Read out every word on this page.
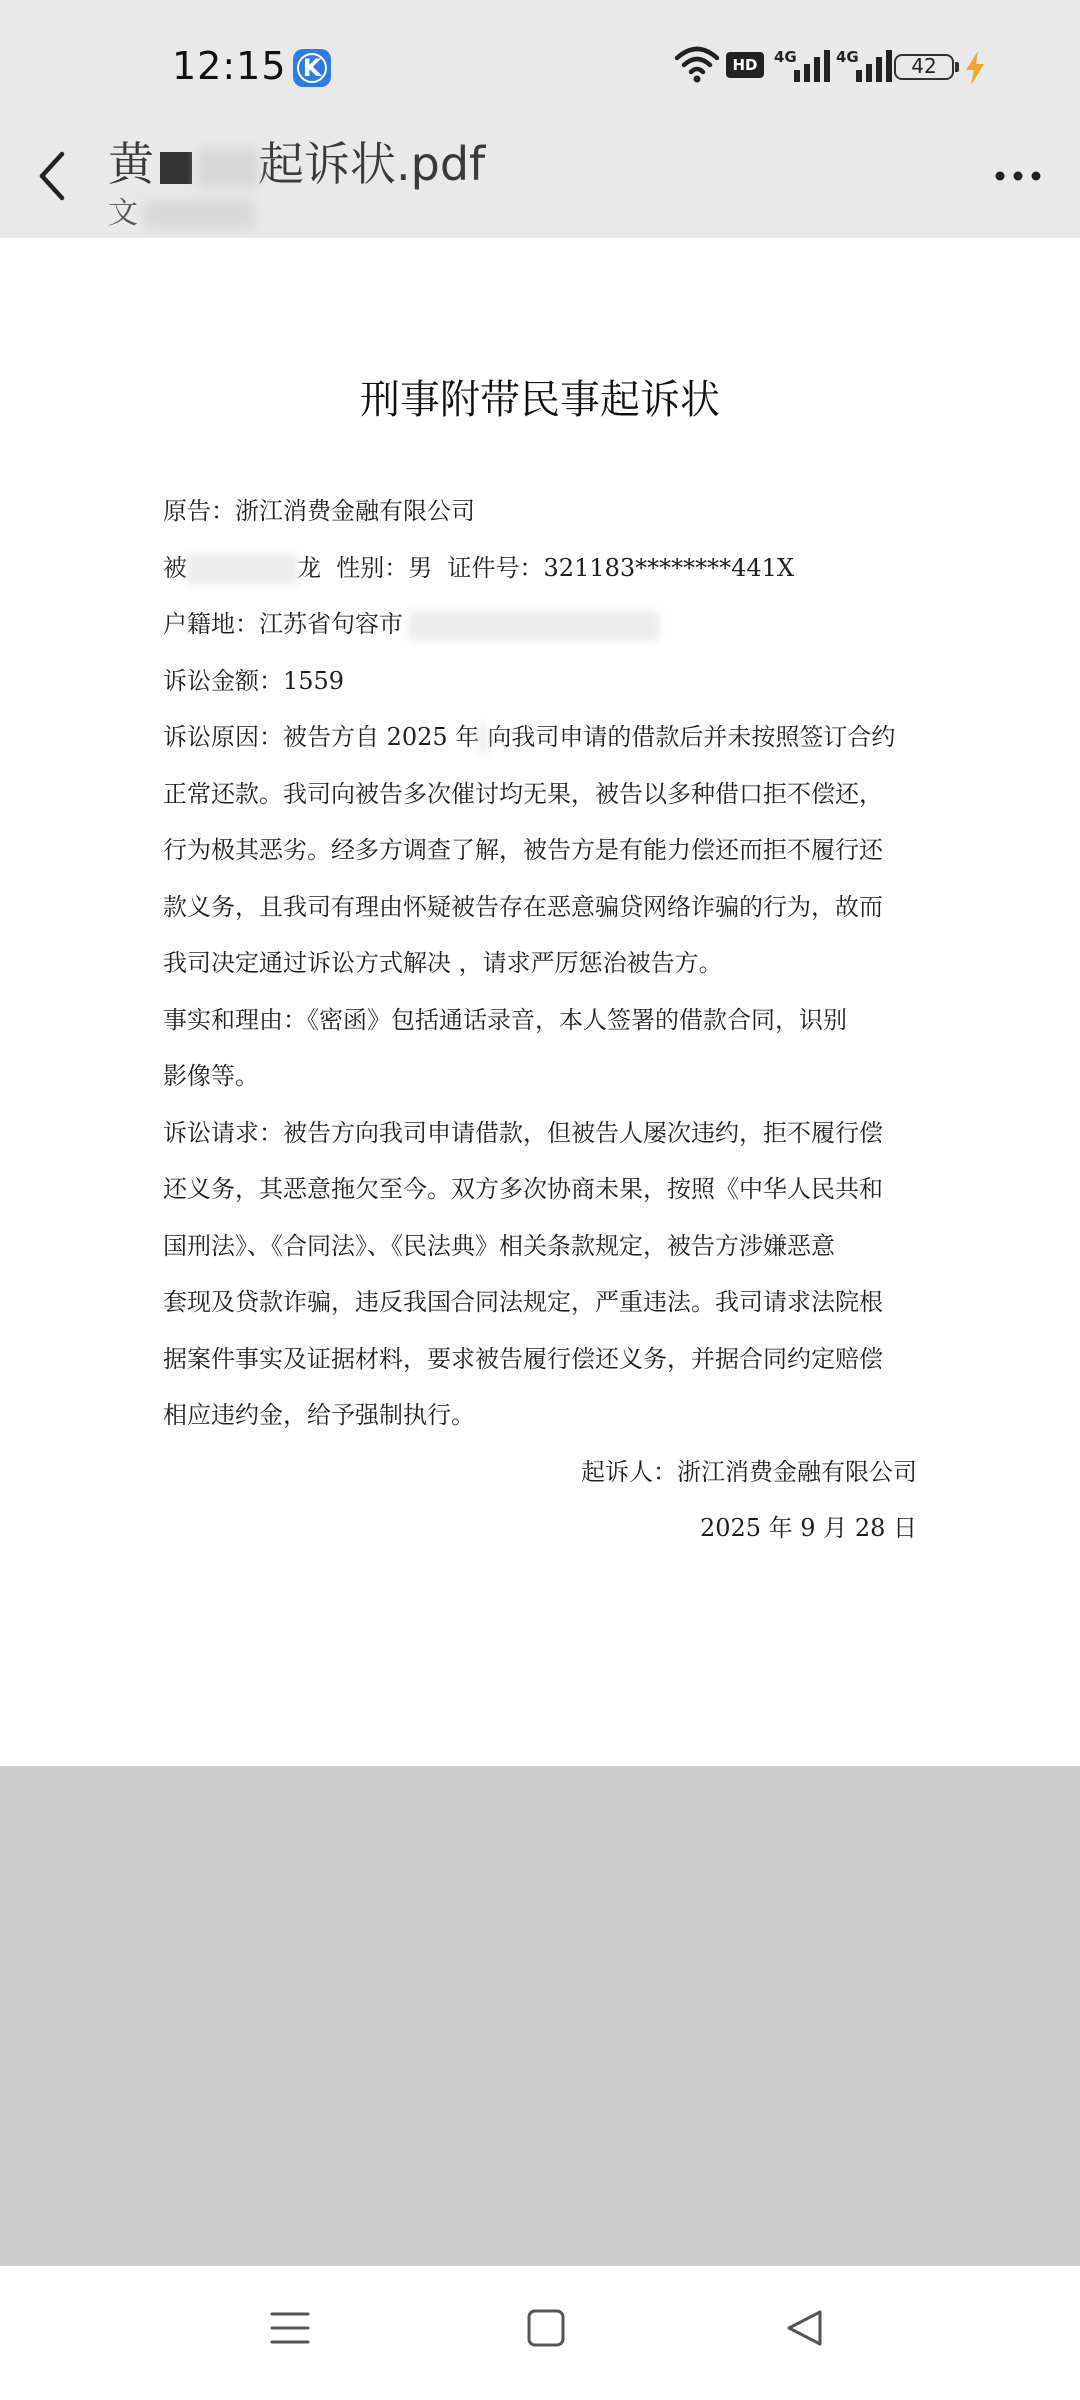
12:15 K	HD	4G	4G	42
黄 起诉状.pdf
文
刑事附带民事起诉状

原告：浙江消费金融有限公司

被	龙 性别：男 证件号：321183********441X

户籍地：江苏省句容市

诉讼金额：1559

诉讼原因：被告方自 2025 年 向我司申请的借款后并未按照签订合约

正常还款。我司向被告多次催讨均无果，被告以多种借口拒不偿还，

行为极其恶劣。经多方调查了解，被告方是有能力偿还而拒不履行还

款义务，且我司有理由怀疑被告存在恶意骗贷网络诈骗的行为，故而

我司决定通过诉讼方式解决 ，请求严厉惩治被告方。

事实和理由：《密函》包括通话录音，本人签署的借款合同，识别

影像等。

诉讼请求：被告方向我司申请借款，但被告人屡次违约，拒不履行偿

还义务，其恶意拖欠至今。双方多次协商未果，按照《中华人民共和

国刑法》、《合同法》、《民法典》相关条款规定，被告方涉嫌恶意

套现及贷款诈骗，违反我国合同法规定，严重违法。我司请求法院根

据案件事实及证据材料，要求被告履行偿还义务，并据合同约定赔偿

相应违约金，给予强制执行。

起诉人：浙江消费金融有限公司

2025 年 9 月 28 日
